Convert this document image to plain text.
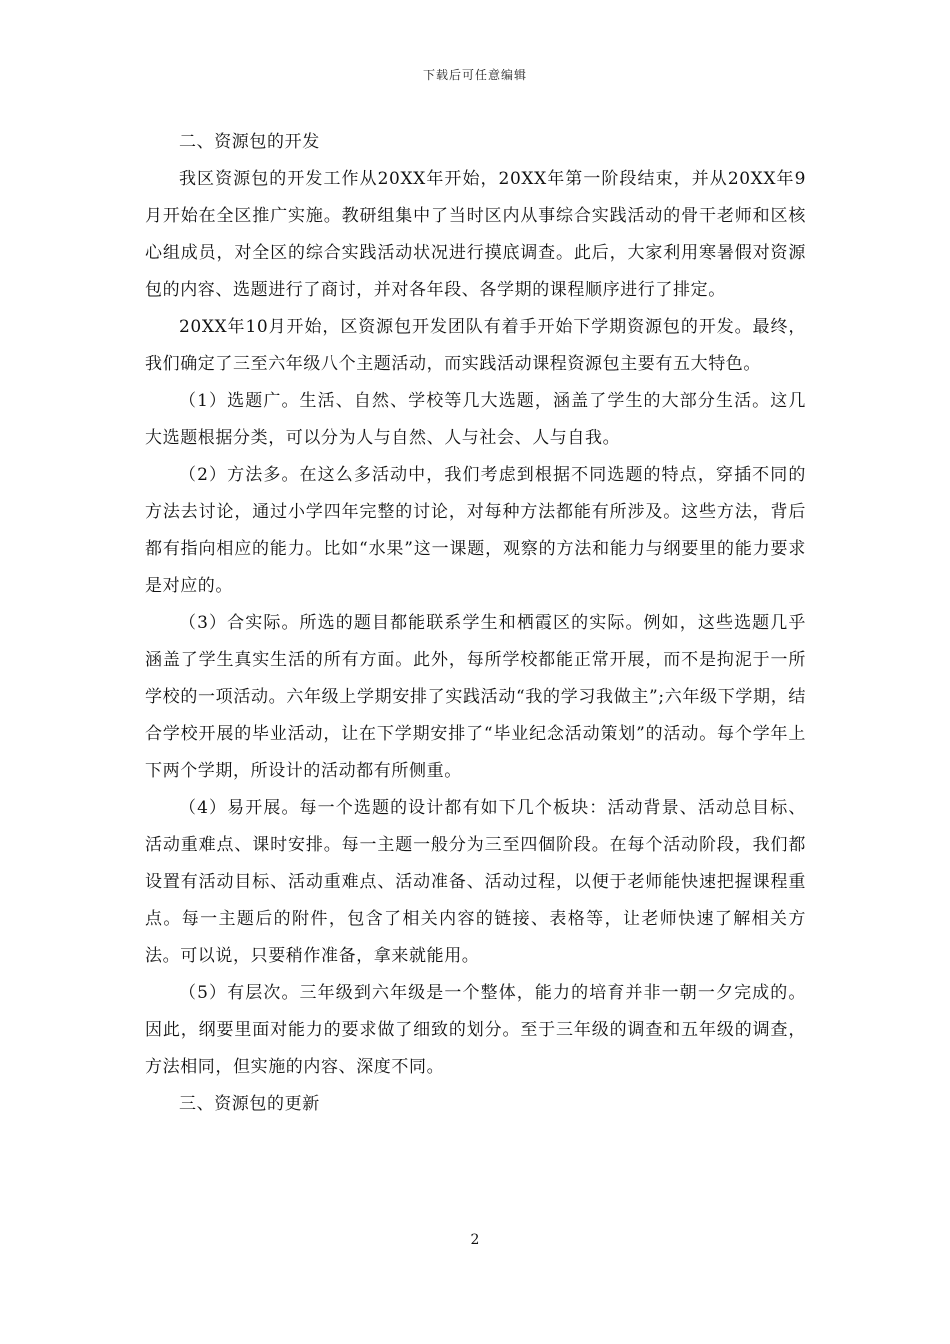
下载后可任意编辑

二、资源包的开发

我区资源包的开发工作从20XX年开始，20XX年第一阶段结束，并从20XX年9月开始在全区推广实施。教研组集中了当时区内从事综合实践活动的骨干老师和区核心组成员，对全区的综合实践活动状况进行摸底调查。此后，大家利用寒暑假对资源包的内容、选题进行了商讨，并对各年段、各学期的课程顺序进行了排定。

20XX年10月开始，区资源包开发团队有着手开始下学期资源包的开发。最终，我们确定了三至六年级八个主题活动，而实践活动课程资源包主要有五大特色。

（1）选题广。生活、自然、学校等几大选题，涵盖了学生的大部分生活。这几大选题根据分类，可以分为人与自然、人与社会、人与自我。

（2）方法多。在这么多活动中，我们考虑到根据不同选题的特点，穿插不同的方法去讨论，通过小学四年完整的讨论，对每种方法都能有所涉及。这些方法，背后都有指向相应的能力。比如“水果”这一课题，观察的方法和能力与纲要里的能力要求是对应的。

（3）合实际。所选的题目都能联系学生和栖霞区的实际。例如，这些选题几乎涵盖了学生真实生活的所有方面。此外，每所学校都能正常开展，而不是拘泥于一所学校的一项活动。六年级上学期安排了实践活动“我的学习我做主”;六年级下学期，结合学校开展的毕业活动，让在下学期安排了“毕业纪念活动策划”的活动。每个学年上下两个学期，所设计的活动都有所侧重。

（4）易开展。每一个选题的设计都有如下几个板块：活动背景、活动总目标、活动重难点、课时安排。每一主题一般分为三至四個阶段。在每个活动阶段，我们都设置有活动目标、活动重难点、活动准备、活动过程，以便于老师能快速把握课程重点。每一主题后的附件，包含了相关内容的链接、表格等，让老师快速了解相关方法。可以说，只要稍作准备，拿来就能用。

（5）有层次。三年级到六年级是一个整体，能力的培育并非一朝一夕完成的。因此，纲要里面对能力的要求做了细致的划分。至于三年级的调查和五年级的调查，方法相同，但实施的内容、深度不同。

三、资源包的更新

2
